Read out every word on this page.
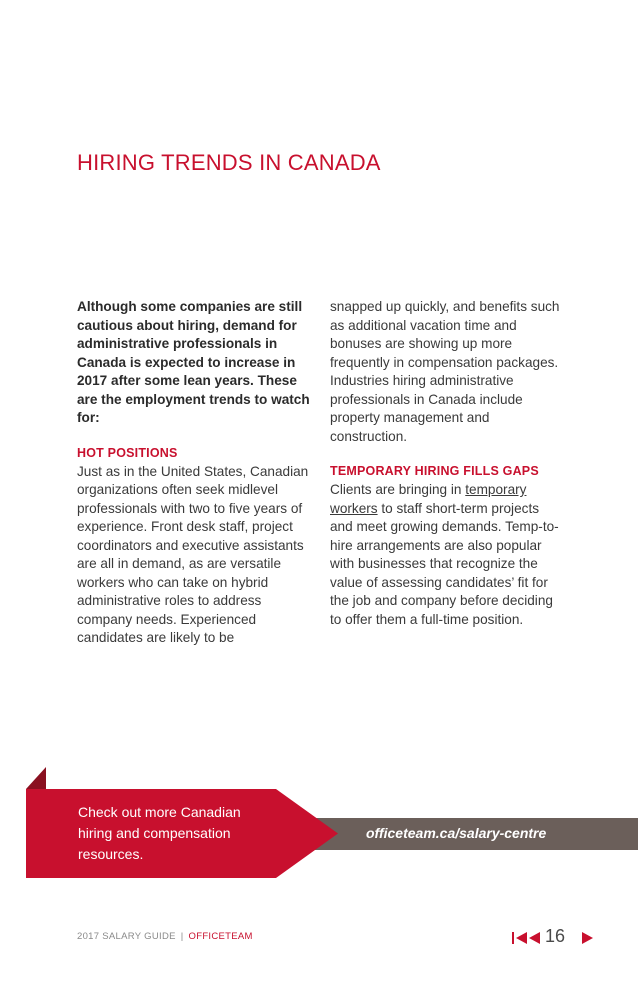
HIRING TRENDS IN CANADA

Although some companies are still cautious about hiring, demand for administrative professionals in Canada is expected to increase in 2017 after some lean years. These are the employment trends to watch for:

HOT POSITIONS

Just as in the United States, Canadian organizations often seek midlevel professionals with two to five years of experience. Front desk staff, project coordinators and executive assistants are all in demand, as are versatile workers who can take on hybrid administrative roles to address company needs. Experienced candidates are likely to be

snapped up quickly, and benefits such as additional vacation time and bonuses are showing up more frequently in compensation packages. Industries hiring administrative professionals in Canada include property management and construction.

TEMPORARY HIRING FILLS GAPS

Clients are bringing in temporary workers to staff short-term projects and meet growing demands. Temp-to-hire arrangements are also popular with businesses that recognize the value of assessing candidates’ fit for the job and company before deciding to offer them a full-time position.

officeteam.ca/salary-centre

Check out more Canadian hiring and compensation resources.

2017 SALARY GUIDE | OFFICETEAM	16
